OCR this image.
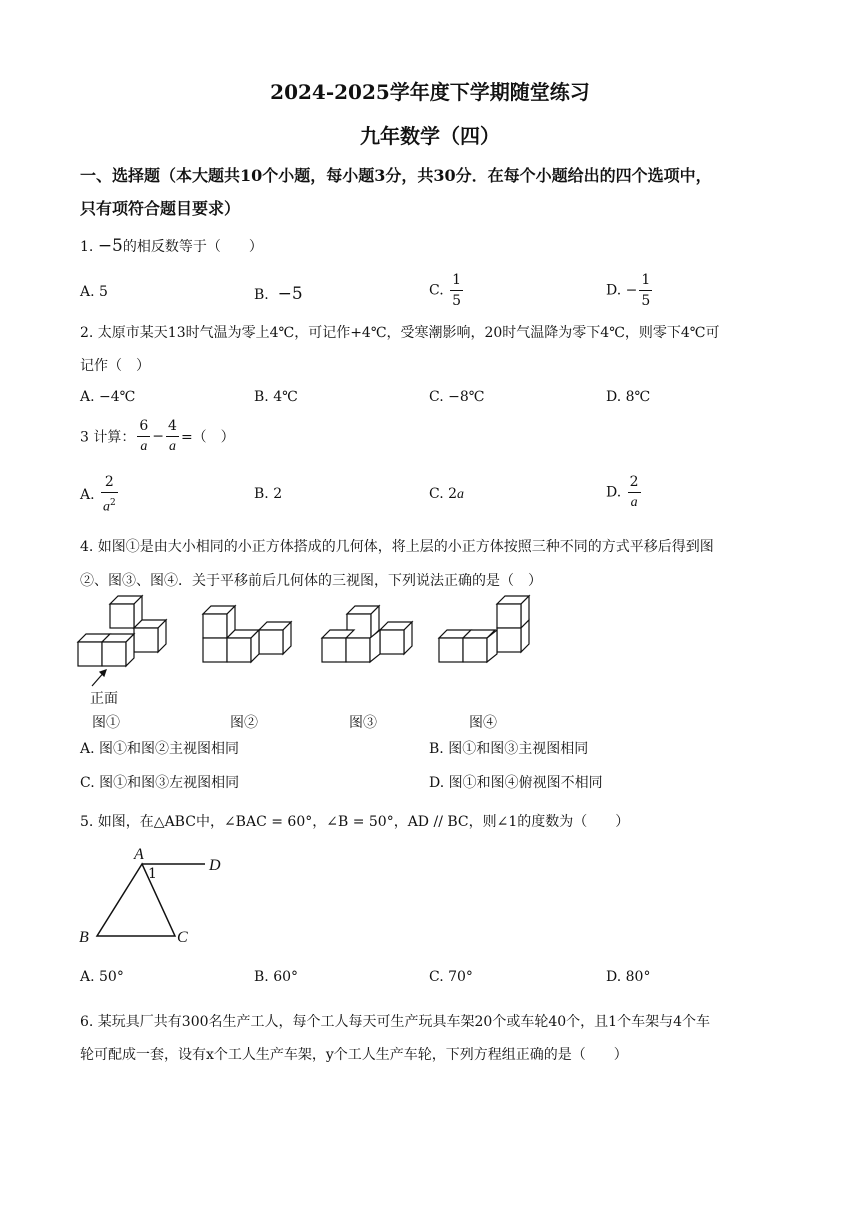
2024-2025学年度下学期随堂练习
九年数学（四）
一、选择题（本大题共10个小题，每小题3分，共30分．在每个小题给出的四个选项中，
只有项符合题目要求）
1. −5的相反数等于（　　）
A. 5	B. −5	C. $\frac{1}{5}$	D. − $\frac{1}{5}$
2. 太原市某天13时气温为零上4℃，可记作+4℃，受寒潮影响，20时气温降为零下4℃，则零下4℃可
记作（　）
A. −4℃	B. 4℃	C. −8℃	D. 8℃
3 计算： $\frac{6}{a} - \frac{4}{a}$ =（　）
A. $\frac{2}{a^2}$	B. 2	C. 2a	D. $\frac{2}{a}$
4. 如图①是由大小相同的小正方体搭成的几何体，将上层的小正方体按照三种不同的方式平移后得到图
②、图③、图④．关于平移前后几何体的三视图，下列说法正确的是（　）
正面
图①	图②	图③	图④
A. 图①和图②主视图相同	B. 图①和图③主视图相同
C. 图①和图③左视图相同	D. 图①和图④俯视图不相同
5. 如图，在△ABC中，∠BAC = 60°，∠B = 50°，AD // BC，则∠1的度数为（　　）
A
D
1
B	C
A. 50°	B. 60°	C. 70°	D. 80°
6. 某玩具厂共有300名生产工人，每个工人每天可生产玩具车架20个或车轮40个，且1个车架与4个车
轮可配成一套，设有x个工人生产车架，y个工人生产车轮，下列方程组正确的是（　　）
